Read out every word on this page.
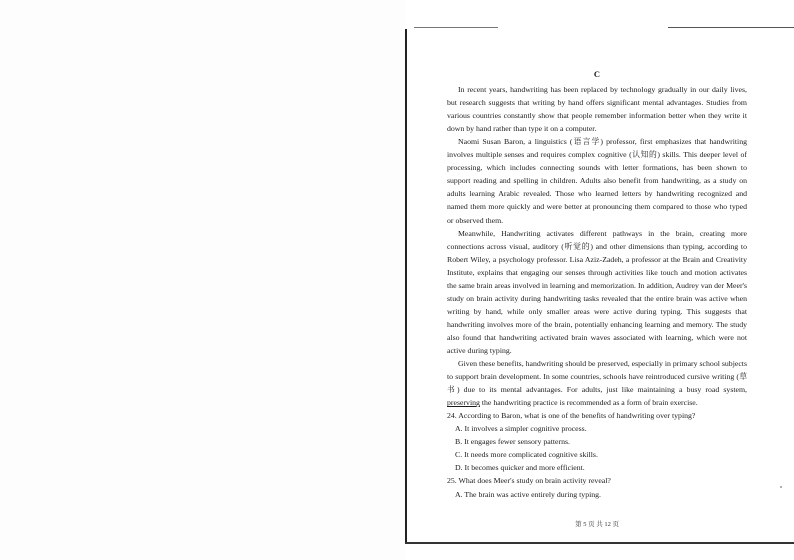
C

In recent years, handwriting has been replaced by technology gradually in our daily lives, but research suggests that writing by hand offers significant mental advantages. Studies from various countries constantly show that people remember information better when they write it down by hand rather than type it on a computer.

Naomi Susan Baron, a linguistics (语言学) professor, first emphasizes that handwriting involves multiple senses and requires complex cognitive (认知的) skills. This deeper level of processing, which includes connecting sounds with letter formations, has been shown to support reading and spelling in children. Adults also benefit from handwriting, as a study on adults learning Arabic revealed. Those who learned letters by handwriting recognized and named them more quickly and were better at pronouncing them compared to those who typed or observed them.

Meanwhile, Handwriting activates different pathways in the brain, creating more connections across visual, auditory (听觉的) and other dimensions than typing, according to Robert Wiley, a psychology professor. Lisa Aziz-Zadeh, a professor at the Brain and Creativity Institute, explains that engaging our senses through activities like touch and motion activates the same brain areas involved in learning and memorization. In addition, Audrey van der Meer's study on brain activity during handwriting tasks revealed that the entire brain was active when writing by hand, while only smaller areas were active during typing. This suggests that handwriting involves more of the brain, potentially enhancing learning and memory. The study also found that handwriting activated brain waves associated with learning, which were not active during typing.

Given these benefits, handwriting should be preserved, especially in primary school subjects to support brain development. In some countries, schools have reintroduced cursive writing (草书) due to its mental advantages. For adults, just like maintaining a busy road system, preserving the handwriting practice is recommended as a form of brain exercise.

24. According to Baron, what is one of the benefits of handwriting over typing?

A. It involves a simpler cognitive process.

B. It engages fewer sensory patterns.

C. It needs more complicated cognitive skills.

D. It becomes quicker and more efficient.

25. What does Meer's study on brain activity reveal?

A. The brain was active entirely during typing.

第 5 页 共 12 页
